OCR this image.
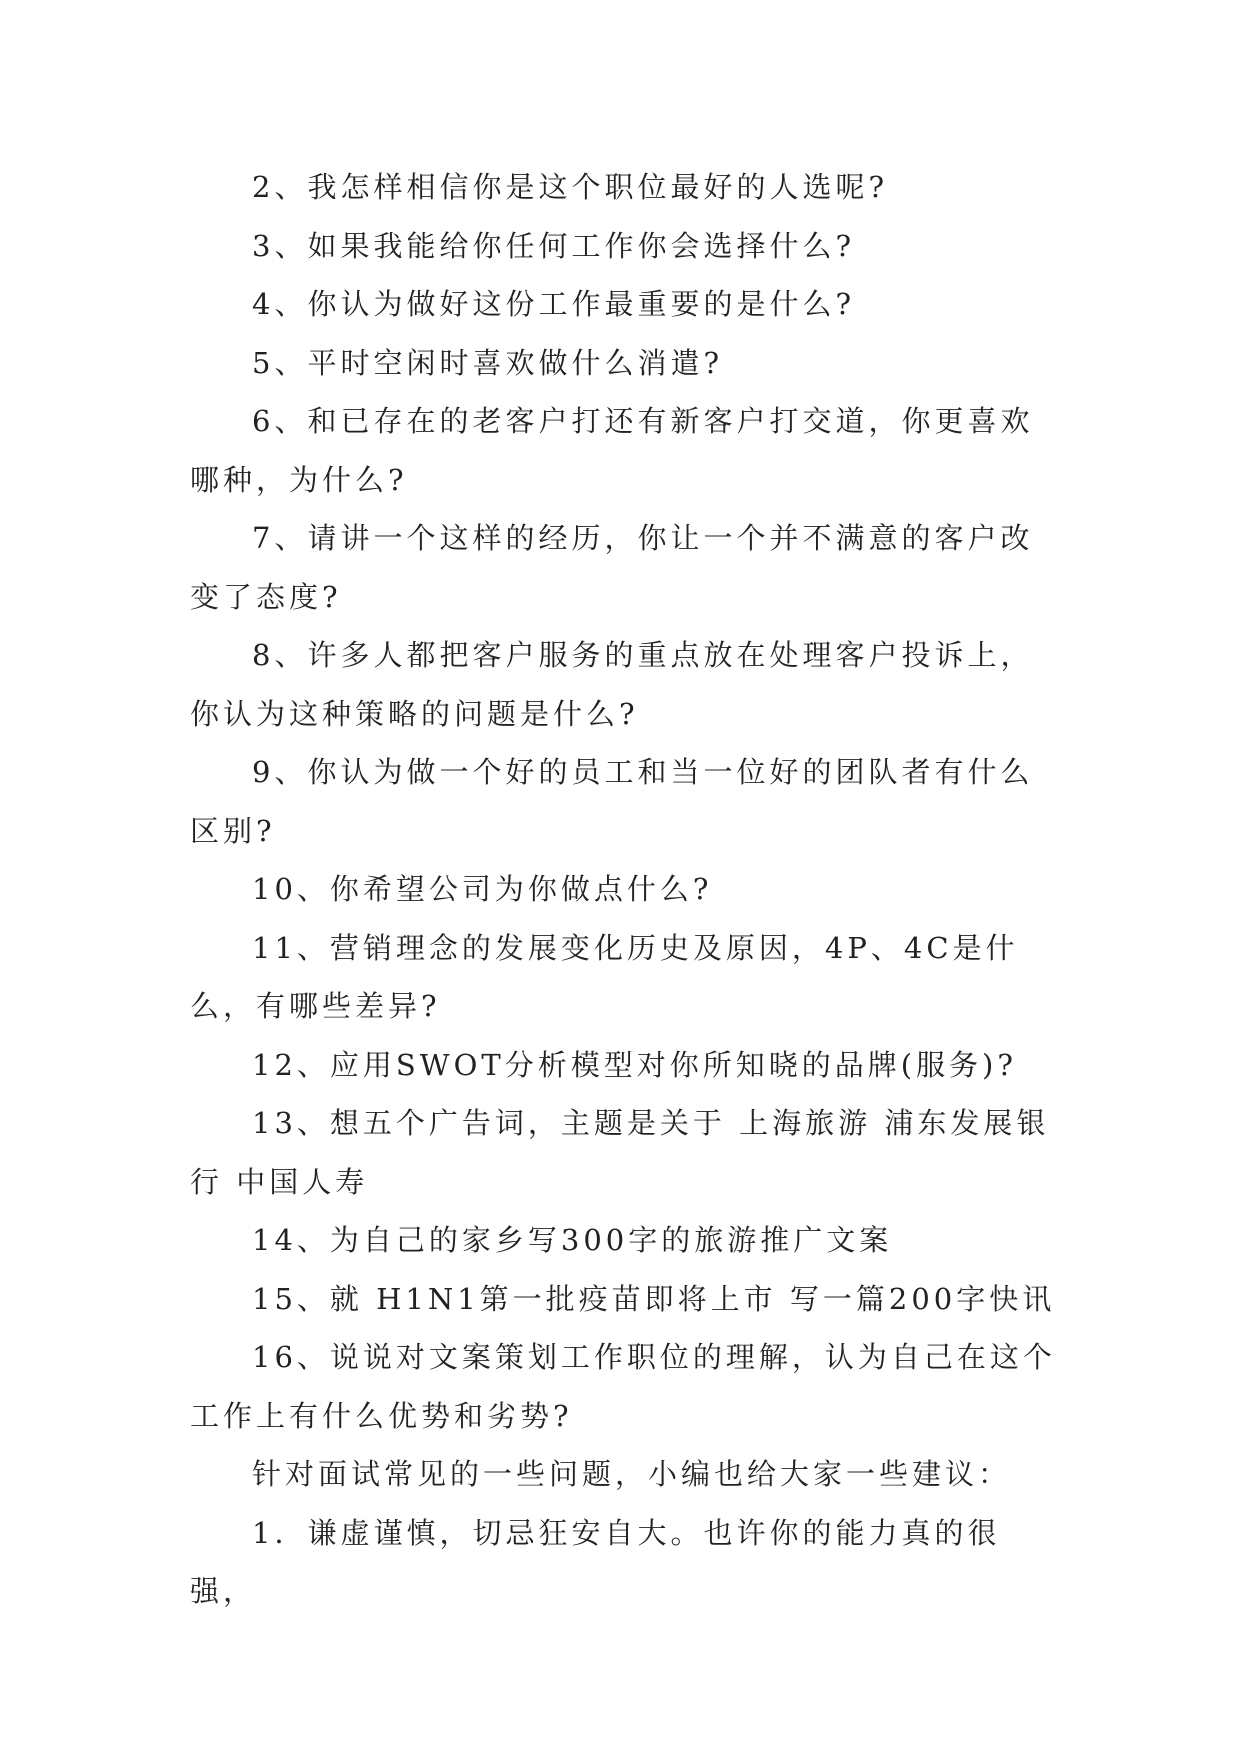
2、我怎样相信你是这个职位最好的人选呢?

3、如果我能给你任何工作你会选择什么?

4、你认为做好这份工作最重要的是什么?

5、平时空闲时喜欢做什么消遣?

6、和已存在的老客户打还有新客户打交道，你更喜欢哪种，为什么?

7、请讲一个这样的经历，你让一个并不满意的客户改变了态度?

8、许多人都把客户服务的重点放在处理客户投诉上，你认为这种策略的问题是什么?

9、你认为做一个好的员工和当一位好的团队者有什么区别?

10、你希望公司为你做点什么?

11、营销理念的发展变化历史及原因，4P、4C是什么，有哪些差异?

12、应用SWOT分析模型对你所知晓的品牌(服务)?

13、想五个广告词，主题是关于 上海旅游 浦东发展银行 中国人寿

14、为自己的家乡写300字的旅游推广文案

15、就 H1N1第一批疫苗即将上市 写一篇200字快讯

16、说说对文案策划工作职位的理解，认为自己在这个工作上有什么优势和劣势?

针对面试常见的一些问题，小编也给大家一些建议：

1．谦虚谨慎，切忌狂安自大。也许你的能力真的很强，
